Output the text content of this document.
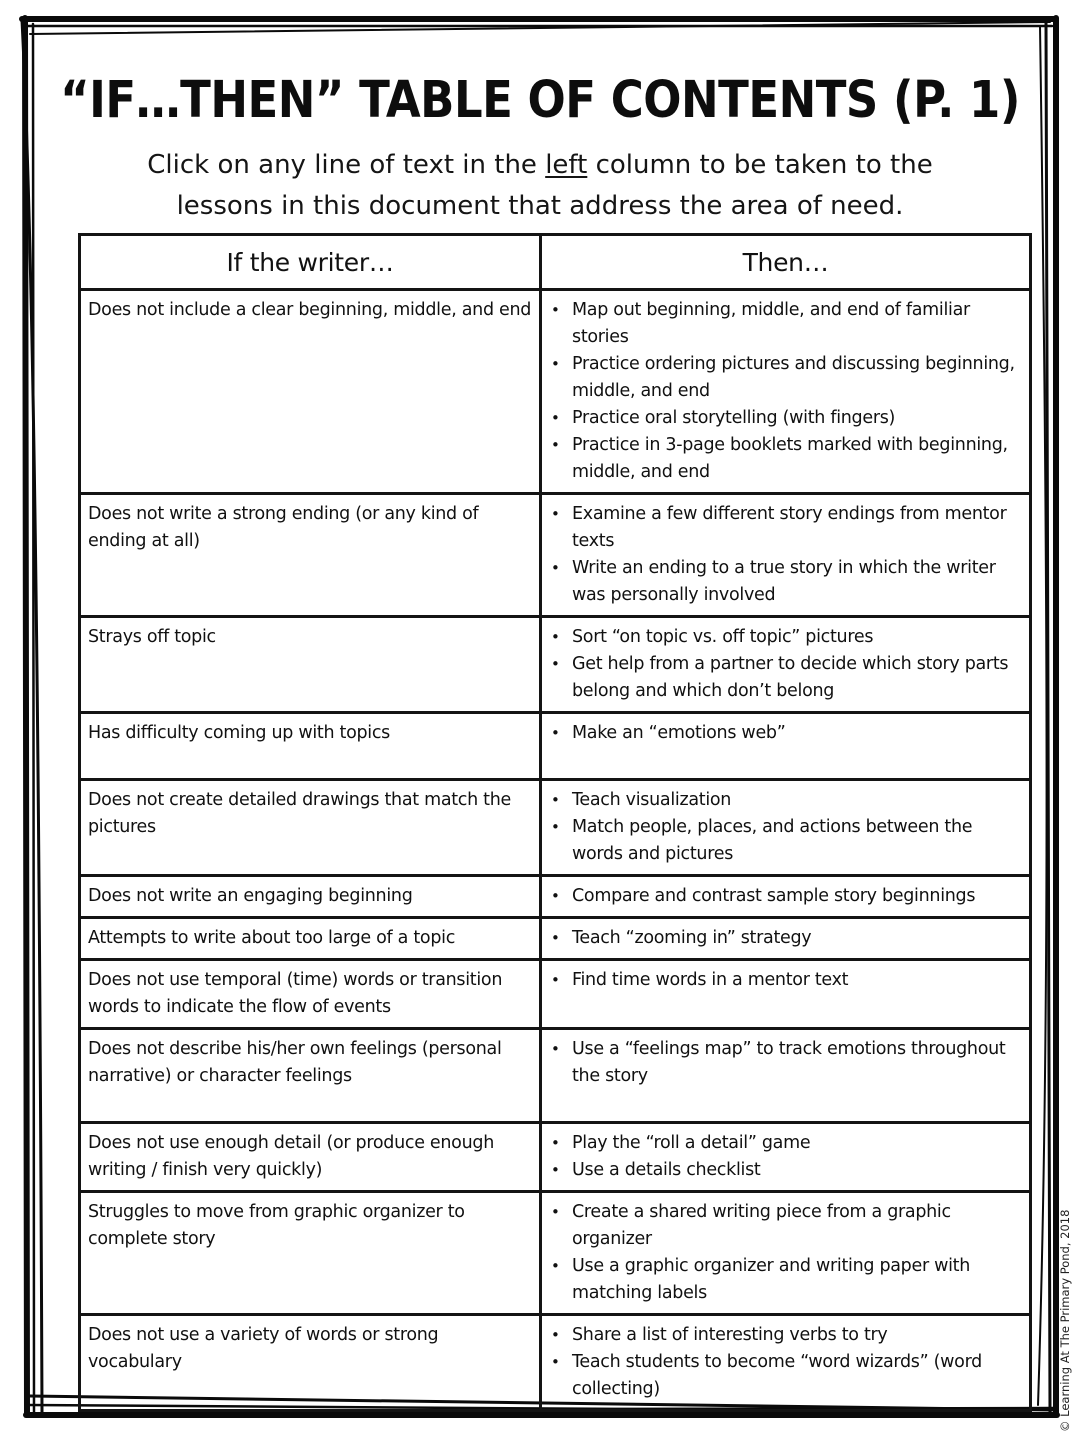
“IF…THEN” TABLE OF CONTENTS (P. 1)
Click on any line of text in the left column to be taken to the lessons in this document that address the area of need.
If the writer…	Then…
Does not include a clear beginning, middle, and end	• Map out beginning, middle, and end of familiar stories
• Practice ordering pictures and discussing beginning, middle, and end
• Practice oral storytelling (with fingers)
• Practice in 3-page booklets marked with beginning, middle, and end

Does not write a strong ending (or any kind of ending at all)	
• Examine a few different story endings from mentor texts
• Write an ending to a true story in which the writer was personally involved

Strays off topic	• Sort “on topic vs. off topic” pictures
• Get help from a partner to decide which story parts belong and which don’t belong

Has difficulty coming up with topics	• Make an “emotions web”

Does not create detailed drawings that match the pictures	
• Teach visualization
• Match people, places, and actions between the words and pictures

Does not write an engaging beginning	• Compare and contrast sample story beginnings

Attempts to write about too large of a topic	• Teach “zooming in” strategy

Does not use temporal (time) words or transition words to indicate the flow of events	
• Find time words in a mentor text

Does not describe his/her own feelings (personal narrative) or character feelings	
• Use a “feelings map” to track emotions throughout the story

Does not use enough detail (or produce enough writing / finish very quickly)	
• Play the “roll a detail” game
• Use a details checklist

Struggles to move from graphic organizer to complete story	
• Create a shared writing piece from a graphic organizer
• Use a graphic organizer and writing paper with matching labels

Does not use a variety of words or strong vocabulary	
• Share a list of interesting verbs to try
• Teach students to become “word wizards” (word collecting)	© Learning At The Primary Pond, 2018
